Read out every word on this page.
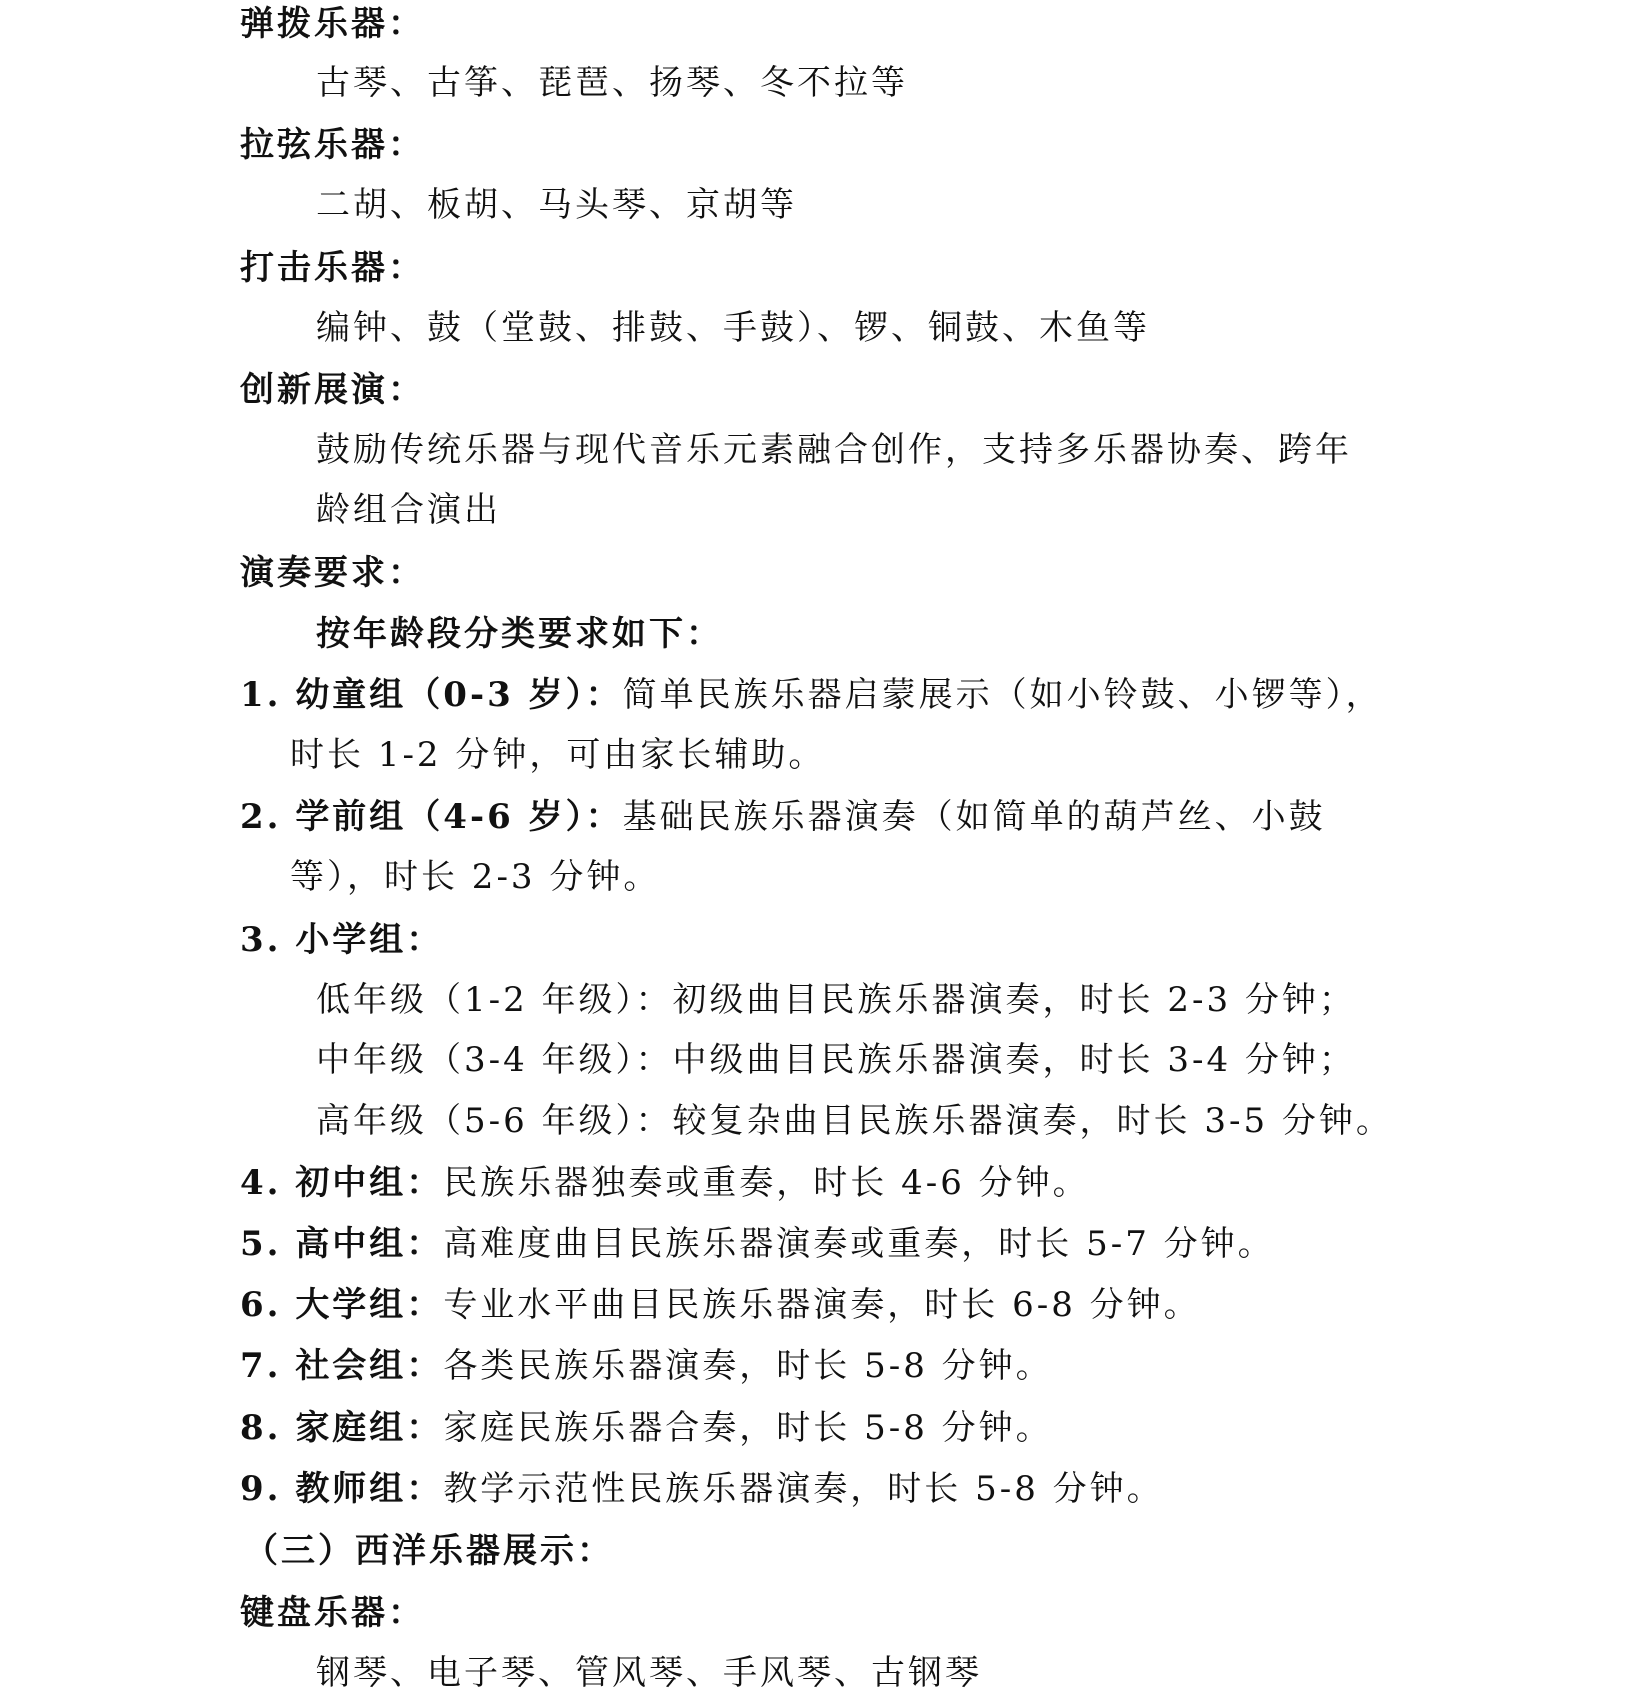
弹拨乐器：
古琴、古筝、琵琶、扬琴、冬不拉等
拉弦乐器：
二胡、板胡、马头琴、京胡等
打击乐器：
编钟、鼓（堂鼓、排鼓、手鼓）、锣、铜鼓、木鱼等
创新展演：
鼓励传统乐器与现代音乐元素融合创作，支持多乐器协奏、跨年
龄组合演出
演奏要求：
按年龄段分类要求如下：
1. 幼童组（0-3 岁）：简单民族乐器启蒙展示（如小铃鼓、小锣等），
时长 1-2 分钟，可由家长辅助。
2. 学前组（4-6 岁）：基础民族乐器演奏（如简单的葫芦丝、小鼓
等），时长 2-3 分钟。
3. 小学组：
低年级（1-2 年级）：初级曲目民族乐器演奏，时长 2-3 分钟；
中年级（3-4 年级）：中级曲目民族乐器演奏，时长 3-4 分钟；
高年级（5-6 年级）：较复杂曲目民族乐器演奏，时长 3-5 分钟。
4. 初中组：民族乐器独奏或重奏，时长 4-6 分钟。
5. 高中组：高难度曲目民族乐器演奏或重奏，时长 5-7 分钟。
6. 大学组：专业水平曲目民族乐器演奏，时长 6-8 分钟。
7. 社会组：各类民族乐器演奏，时长 5-8 分钟。
8. 家庭组：家庭民族乐器合奏，时长 5-8 分钟。
9. 教师组：教学示范性民族乐器演奏，时长 5-8 分钟。
（三）西洋乐器展示：
键盘乐器：
钢琴、电子琴、管风琴、手风琴、古钢琴
